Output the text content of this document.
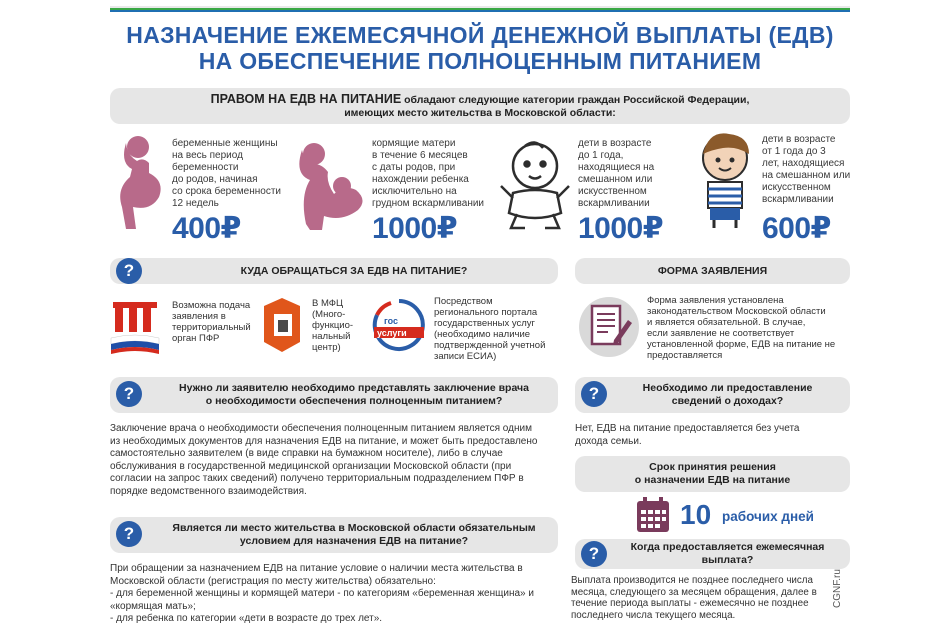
НАЗНАЧЕНИЕ ЕЖЕМЕСЯЧНОЙ ДЕНЕЖНОЙ ВЫПЛАТЫ (ЕДВ)
НА ОБЕСПЕЧЕНИЕ ПОЛНОЦЕННЫМ ПИТАНИЕМ
ПРАВОМ НА ЕДВ НА ПИТАНИЕ обладают следующие категории граждан Российской Федерации,
имеющих место жительства в Московской области:
беременные женщины
на весь период
беременности
до родов, начиная
со срока беременности
12 недель
400₽
кормящие матери
в течение 6 месяцев
с даты родов, при
нахождении ребенка
исключительно на
грудном вскармливании
1000₽
дети в возрасте
до 1 года,
находящиеся на
смешанном или
искусственном
вскармливании
1000₽
дети в возрасте
от 1 года до 3
лет, находящиеся
на смешанном или
искусственном
вскармливании
600₽
КУДА ОБРАЩАТЬСЯ ЗА ЕДВ НА ПИТАНИЕ?
?	ФОРМА ЗАЯВЛЕНИЯ
Возможна подача
заявления в
территориальный
орган ПФР
В МФЦ
(Много-
функцио-
нальный
центр)
гос
услуги
Посредством
регионального портала
государственных услуг
(необходимо наличие
подтвержденной учетной
записи ЕСИА)
Форма заявления установлена
законодательством Московской области
и является обязательной. В случае,
если заявление не соответствует
установленной форме, ЕДВ на питание не
предоставляется
Нужно ли заявителю необходимо представлять заключение врача
о необходимости обеспечения полноценным питанием?
?
Заключение врача о необходимости обеспечения полноценным питанием является одним
из необходимых документов для назначения ЕДВ на питание, и может быть предоставлено
самостоятельно заявителем (в виде справки на бумажном носителе), либо в случае
обслуживания в государственной медицинской организации Московской области (при
согласии на запрос таких сведений) получено территориальным подразделением ПФР в
порядке ведомственного взаимодействия.
Необходимо ли предоставление
сведений о доходах?
?
Нет, ЕДВ на питание предоставляется без учета
дохода семьи.
Срок принятия решения
о назначении ЕДВ на питание
10 рабочих дней
Является ли место жительства в Московской области обязательным
условием для назначения ЕДВ на питание?
?
При обращении за назначением ЕДВ на питание условие о наличии места жительства в
Московской области (регистрация по месту жительства) обязательно:
- для беременной женщины и кормящей матери - по категориям «беременная женщина» и
«кормящая мать»;
- для ребенка по категории «дети в возрасте до трех лет».
Когда предоставляется ежемесячная
выплата?
?
Выплата производится не позднее последнего числа
месяца, следующего за месяцем обращения, далее в
течение периода выплаты - ежемесячно не позднее
последнего числа текущего месяца.
CGNF.ru
